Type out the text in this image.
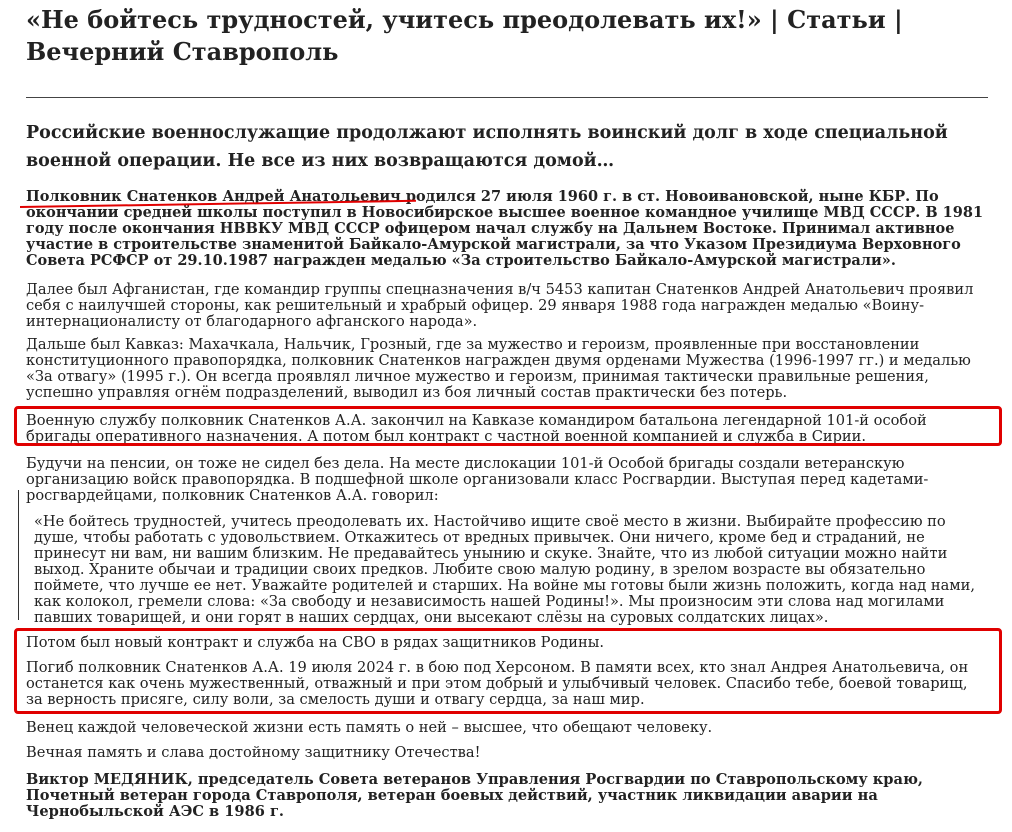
«Не бойтесь трудностей, учитесь преодолевать их!» | Статьи | Вечерний Ставрополь

Российские военнослужащие продолжают исполнять воинский долг в ходе специальной военной операции. Не все из них возвращаются домой…

Полковник Снатенков Андрей Анатольевич родился 27 июля 1960 г. в ст. Новоивановской, ныне КБР. По окончании средней школы поступил в Новосибирское высшее военное командное училище МВД СССР. В 1981 году после окончания НВВКУ МВД СССР офицером начал службу на Дальнем Востоке. Принимал активное участие в строительстве знаменитой Байкало-Амурской магистрали, за что Указом Президиума Верховного Совета РСФСР от 29.10.1987 награжден медалью «За строительство Байкало-Амурской магистрали».

Далее был Афганистан, где командир группы спецназначения в/ч 5453 капитан Снатенков Андрей Анатольевич проявил себя с наилучшей стороны, как решительный и храбрый офицер. 29 января 1988 года награжден медалью «Воину-интернационалисту от благодарного афганского народа».

Дальше был Кавказ: Махачкала, Нальчик, Грозный, где за мужество и героизм, проявленные при восстановлении конституционного правопорядка, полковник Снатенков награжден двумя орденами Мужества (1996-1997 гг.) и медалью «За отвагу» (1995 г.). Он всегда проявлял личное мужество и героизм, принимая тактически правильные решения, успешно управляя огнём подразделений, выводил из боя личный состав практически без потерь.

Военную службу полковник Снатенков А.А. закончил на Кавказе командиром батальона легендарной 101-й особой бригады оперативного назначения. А потом был контракт с частной военной компанией и служба в Сирии.

Будучи на пенсии, он тоже не сидел без дела. На месте дислокации 101-й Особой бригады создали ветеранскую организацию войск правопорядка. В подшефной школе организовали класс Росгвардии. Выступая перед кадетами-росгвардейцами, полковник Снатенков А.А. говорил:

«Не бойтесь трудностей, учитесь преодолевать их. Настойчиво ищите своё место в жизни. Выбирайте профессию по душе, чтобы работать с удовольствием. Откажитесь от вредных привычек. Они ничего, кроме бед и страданий, не принесут ни вам, ни вашим близким. Не предавайтесь унынию и скуке. Знайте, что из любой ситуации можно найти выход. Храните обычаи и традиции своих предков. Любите свою малую родину, в зрелом возрасте вы обязательно поймете, что лучше ее нет. Уважайте родителей и старших. На войне мы готовы были жизнь положить, когда над нами, как колокол, гремели слова: «За свободу и независимость нашей Родины!». Мы произносим эти слова над могилами павших товарищей, и они горят в наших сердцах, они высекают слёзы на суровых солдатских лицах».

Потом был новый контракт и служба на СВО в рядах защитников Родины.

Погиб полковник Снатенков А.А. 19 июля 2024 г. в бою под Херсоном. В памяти всех, кто знал Андрея Анатольевича, он останется как очень мужественный, отважный и при этом добрый и улыбчивый человек. Спасибо тебе, боевой товарищ, за верность присяге, силу воли, за смелость души и отвагу сердца, за наш мир.

Венец каждой человеческой жизни есть память о ней – высшее, что обещают человеку.

Вечная память и слава достойному защитнику Отечества!

Виктор МЕДЯНИК, председатель Совета ветеранов Управления Росгвардии по Ставропольскому краю, Почетный ветеран города Ставрополя, ветеран боевых действий, участник ликвидации аварии на Чернобыльской АЭС в 1986 г.
